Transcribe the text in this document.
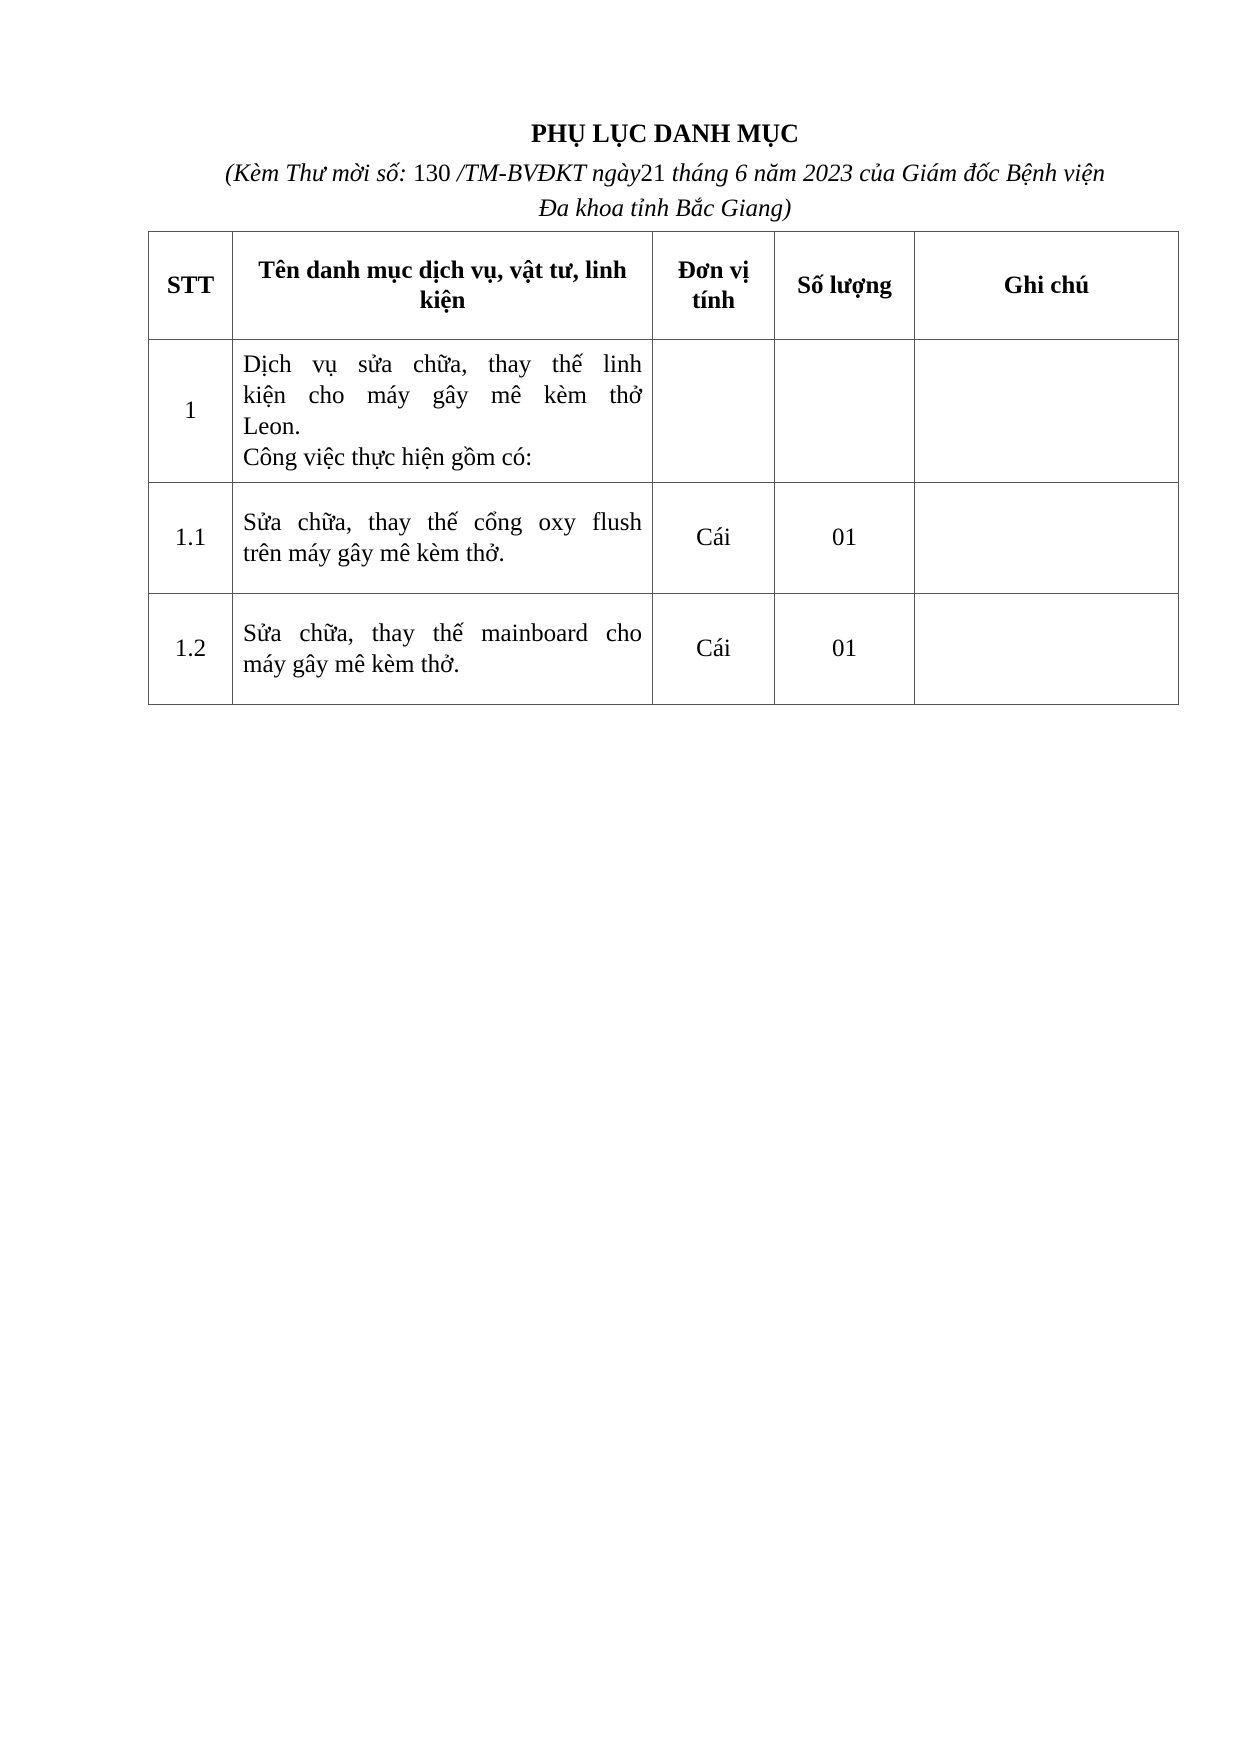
PHỤ LỤC DANH MỤC
(Kèm Thư mời số: 130 /TM-BVĐKT ngày21 tháng 6 năm 2023 của Giám đốc Bệnh viện
Đa khoa tỉnh Bắc Giang)
STT	Tên danh mục dịch vụ, vật tư, linh kiện	Đơn vị tính	Số lượng	Ghi chú
1	Dịch vụ sửa chữa, thay thế linh
kiện cho máy gây mê kèm thở
Leon.
Công việc thực hiện gồm có:			

1.1	Sửa chữa, thay thế cổng oxy flush
trên máy gây mê kèm thở.	Cái	01	
1.2	Sửa chữa, thay thế mainboard cho
máy gây mê kèm thở.	Cái	01	
